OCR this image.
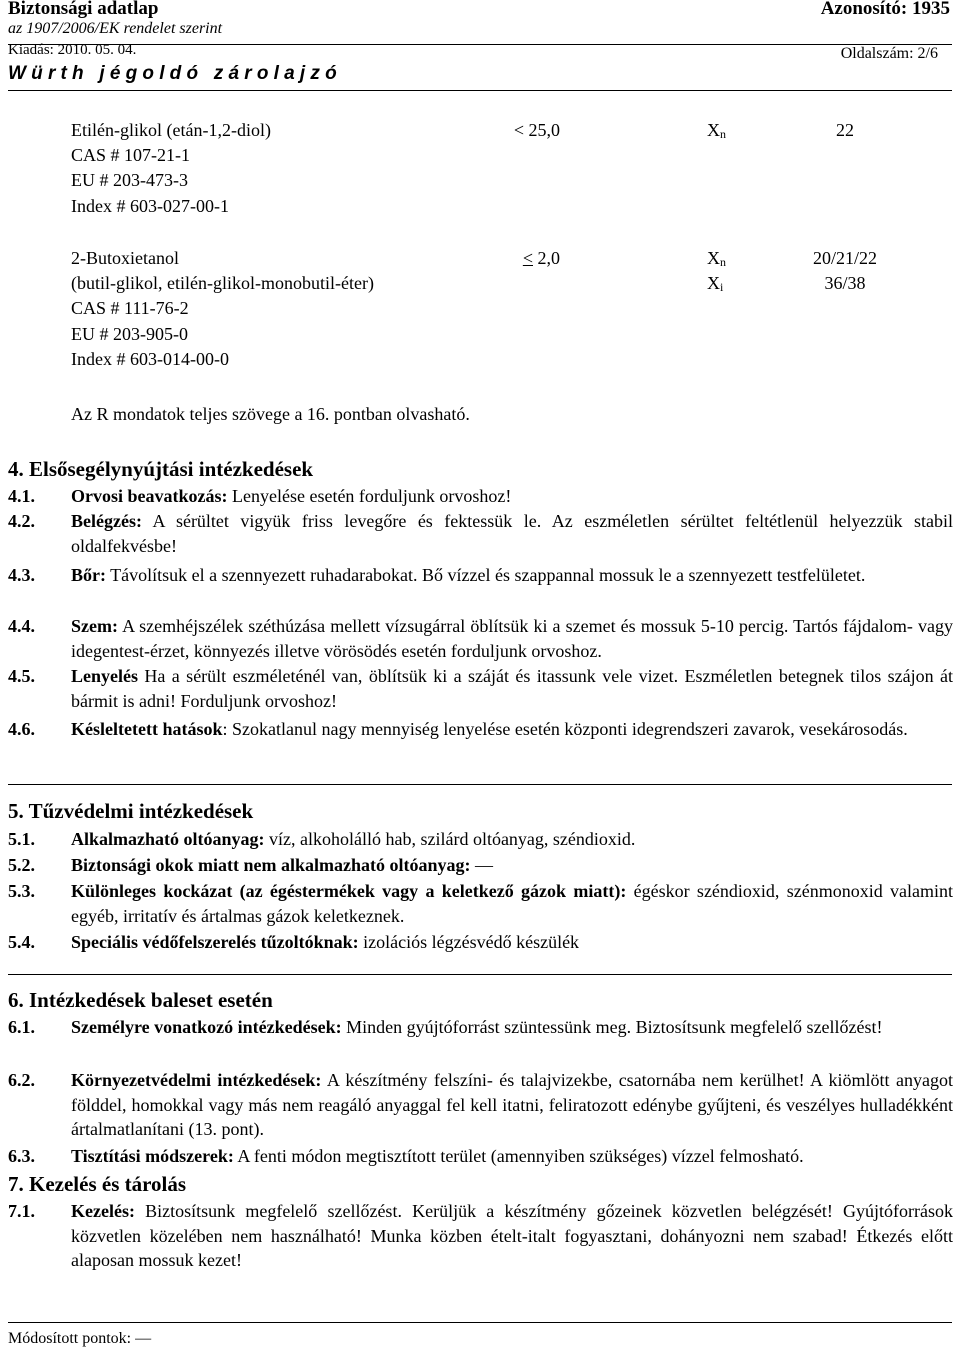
Biztonsági adatlap
az 1907/2006/EK rendelet szerint
Azonosító: 1935
Kiadás: 2010. 05. 04.	Oldalszám: 2/6
Würth jégoldó zárolajzó
Etilén-glikol (etán-1,2-diol)
CAS # 107-21-1
EU # 203-473-3
Index # 603-027-00-1
< 25,0	$X_n$	22
2-Butoxietanol
(butil-glikol, etilén-glikol-monobutil-éter)
CAS # 111-76-2
EU # 203-905-0
Index # 603-014-00-0
≤ 2,0	$X_n$	20/21/22
$X_i$	36/38
Az R mondatok teljes szövege a 16. pontban olvasható.
4. Elsősegélynyújtási intézkedések
4.1. Orvosi beavatkozás: Lenyelése esetén forduljunk orvoshoz!
4.2. Belégzés: A sérültet vigyük friss levegőre és fektessük le. Az eszméletlen sérültet feltétlenül helyezzük stabil oldalfekvésbe!
4.3. Bőr: Távolítsuk el a szennyezett ruhadarabokat. Bő vízzel és szappannal mossuk le a szennyezett testfelületet.
4.4. Szem: A szemhéjszélek széthúzása mellett vízsugárral öblítsük ki a szemet és mossuk 5-10 percig. Tartós fájdalom- vagy idegentest-érzet, könnyezés illetve vörösödés esetén forduljunk orvoshoz.
4.5. Lenyelés Ha a sérült eszméleténél van, öblítsük ki a száját és itassunk vele vizet. Eszméletlen betegnek tilos szájon át bármit is adni! Forduljunk orvoshoz!
4.6. Késleltetett hatások: Szokatlanul nagy mennyiség lenyelése esetén központi idegrendszeri zavarok, vesekárosodás.
5. Tűzvédelmi intézkedések
5.1. Alkalmazható oltóanyag: víz, alkoholálló hab, szilárd oltóanyag, széndioxid.
5.2. Biztonsági okok miatt nem alkalmazható oltóanyag: —
5.3. Különleges kockázat (az égéstermékek vagy a keletkező gázok miatt): égéskor széndioxid, szénmonoxid valamint egyéb, irritatív és ártalmas gázok keletkeznek.
5.4. Speciális védőfelszerelés tűzoltóknak: izolációs légzésvédő készülék
6. Intézkedések baleset esetén
6.1. Személyre vonatkozó intézkedések: Minden gyújtóforrást szüntessünk meg. Biztosítsunk megfelelő szellőzést!
6.2. Környezetvédelmi intézkedések: A készítmény felszíni- és talajvizekbe, csatornába nem kerülhet! A kiömlött anyagot földdel, homokkal vagy más nem reagáló anyaggal fel kell itatni, feliratozott edénybe gyűjteni, és veszélyes hulladékként ártalmatlanítani (13. pont).
6.3. Tisztítási módszerek: A fenti módon megtisztított terület (amennyiben szükséges) vízzel felmosható.
7. Kezelés és tárolás
7.1. Kezelés: Biztosítsunk megfelelő szellőzést. Kerüljük a készítmény gőzeinek közvetlen belégzését! Gyújtóforrások közvetlen közelében nem használható! Munka közben ételt-italt fogyasztani, dohányozni nem szabad! Étkezés előtt alaposan mossuk kezet!
Módosított pontok: —
